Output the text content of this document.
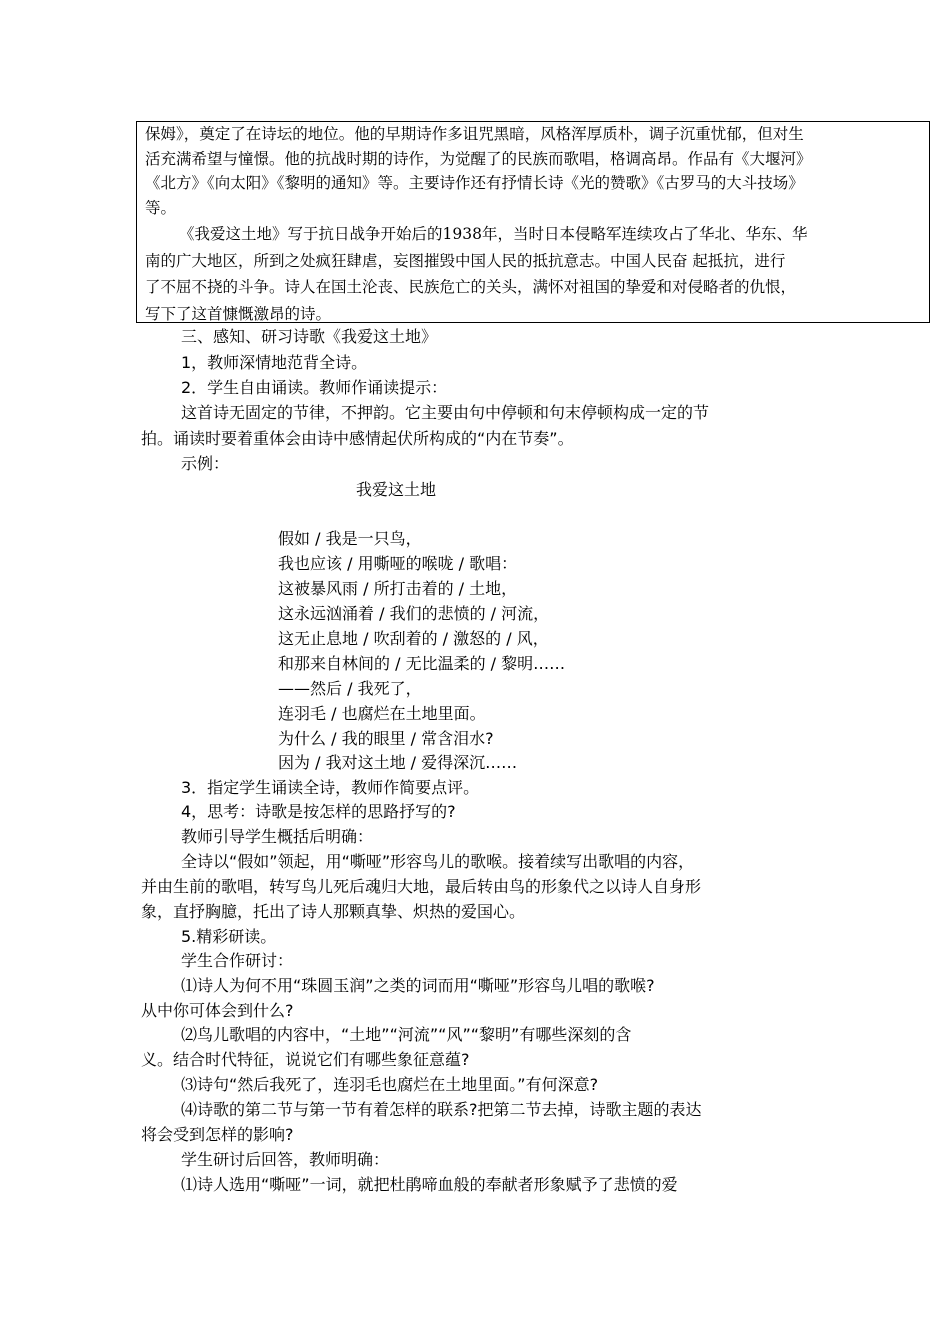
保姆》，奠定了在诗坛的地位。他的早期诗作多诅咒黑暗，风格浑厚质朴，调子沉重忧郁，但对生

活充满希望与憧憬。他的抗战时期的诗作，为觉醒了的民族而歌唱，格调高昂。作品有《大堰河》

《北方》《向太阳》《黎明的通知》等。主要诗作还有抒情长诗《光的赞歌》《古罗马的大斗技场》

等。

《我爱这土地》写于抗日战争开始后的1938年，当时日本侵略军连续攻占了华北、华东、华

南的广大地区，所到之处疯狂肆虐，妄图摧毁中国人民的抵抗意志。中国人民奋 起抵抗，进行

了不屈不挠的斗争。诗人在国土沦丧、民族危亡的关头，满怀对祖国的挚爱和对侵略者的仇恨，

写下了这首慷慨激昂的诗。

三、感知、研习诗歌《我爱这土地》
1，教师深情地范背全诗。
2．学生自由诵读。教师作诵读提示：
这首诗无固定的节律，不押韵。它主要由句中停顿和句末停顿构成一定的节
拍。诵读时要着重体会由诗中感情起伏所构成的“内在节奏”。
示例：
我爱这土地
假如 / 我是一只鸟，
我也应该 / 用嘶哑的喉咙 / 歌唱：
这被暴风雨 / 所打击着的 / 土地，
这永远汹涌着 / 我们的悲愤的 / 河流，
这无止息地 / 吹刮着的 / 激怒的 / 风，
和那来自林间的 / 无比温柔的 / 黎明……
——然后 / 我死了，
连羽毛 / 也腐烂在土地里面。
为什么 / 我的眼里 / 常含泪水?
因为 / 我对这土地 / 爱得深沉……
3．指定学生诵读全诗，教师作简要点评。
4，思考：诗歌是按怎样的思路抒写的?
教师引导学生概括后明确：
全诗以“假如”领起，用“嘶哑”形容鸟儿的歌喉。接着续写出歌唱的内容，
并由生前的歌唱，转写鸟儿死后魂归大地，最后转由鸟的形象代之以诗人自身形
象，直抒胸臆，托出了诗人那颗真挚、炽热的爱国心。
5.精彩研读。
学生合作研讨：
⑴诗人为何不用“珠圆玉润”之类的词而用“嘶哑”形容鸟儿唱的歌喉?
从中你可体会到什么?
⑵鸟儿歌唱的内容中，“土地”“河流”“风”“黎明”有哪些深刻的含
义。结合时代特征，说说它们有哪些象征意蕴?
⑶诗句“然后我死了，连羽毛也腐烂在土地里面。”有何深意?
⑷诗歌的第二节与第一节有着怎样的联系?把第二节去掉，诗歌主题的表达
将会受到怎样的影响?
学生研讨后回答，教师明确：
⑴诗人选用“嘶哑”一词，就把杜鹃啼血般的奉献者形象赋予了悲愤的爱
